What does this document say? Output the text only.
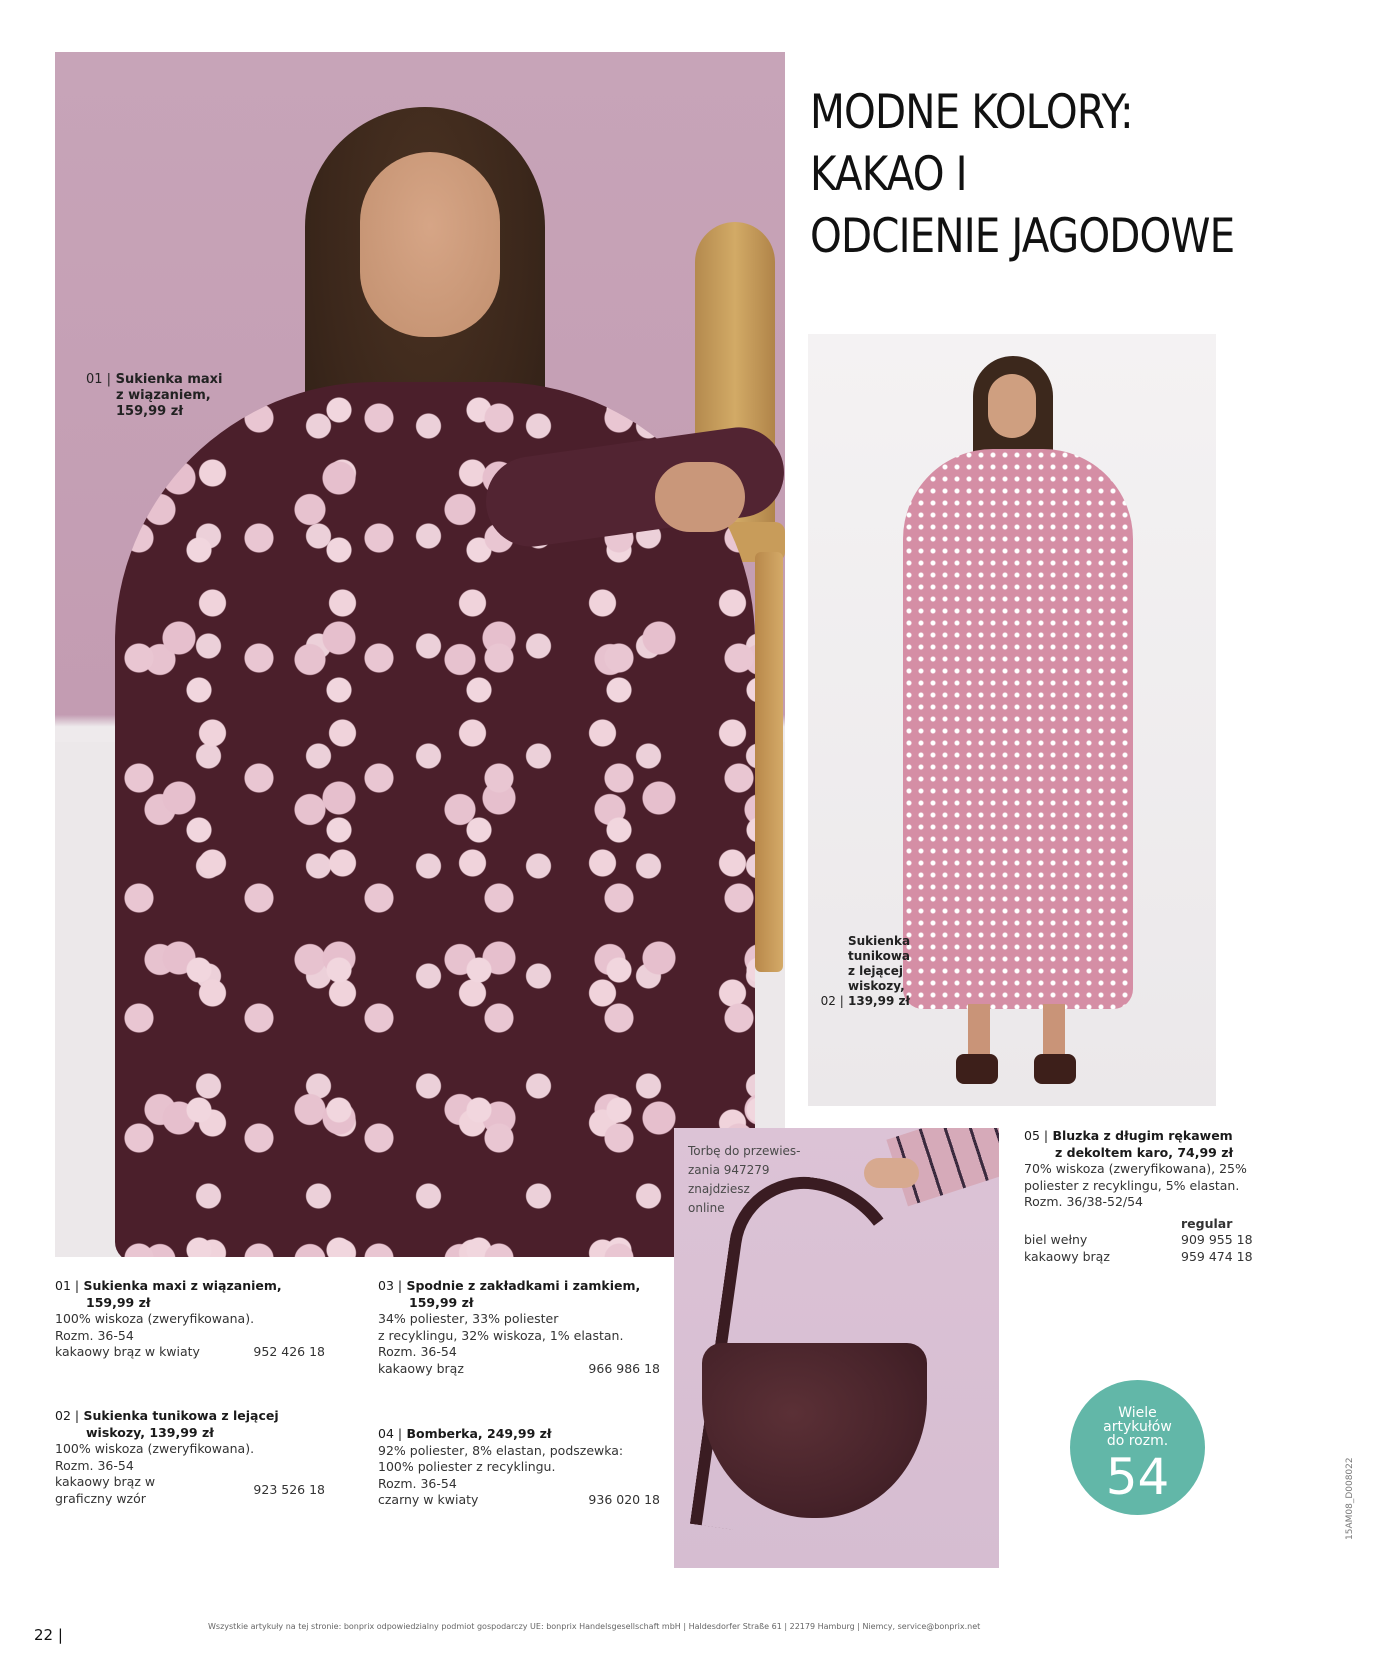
01 | Sukienka maxi
z wiązaniem,
159,99 zł
MODNE KOLORY:
KAKAO I
ODCIENIE JAGODOWE
02 | Sukienka
tunikowa
z lejącej
wiskozy,
139,99 zł
Torbę do przewies-
zania 947279
znajdziesz
online
01 | Sukienka maxi z wiązaniem,
159,99 zł
100% wiskoza (zweryfikowana).
Rozm. 36-54
kakaowy brąz w kwiaty	952 426 18
02 | Sukienka tunikowa z lejącej
wiskozy, 139,99 zł
100% wiskoza (zweryfikowana).
Rozm. 36-54
kakaowy brąz w
graficzny wzór
923 526 18
03 | Spodnie z zakładkami i zamkiem,
159,99 zł
34% poliester, 33% poliester
z recyklingu, 32% wiskoza, 1% elastan.
Rozm. 36-54
kakaowy brąz	966 986 18
04 | Bomberka, 249,99 zł
92% poliester, 8% elastan, podszewka:
100% poliester z recyklingu.
Rozm. 36-54
czarny w kwiaty	936 020 18
05 | Bluzka z długim rękawem
z dekoltem karo, 74,99 zł
70% wiskoza (zweryfikowana), 25%
poliester z recyklingu, 5% elastan.
Rozm. 36/38-52/54
regular
biel wełny	909 955 18
kakaowy brąz	959 474 18
Wiele
artykułów
do rozm.
54
22 |	Wszystkie artykuły na tej stronie: bonprix odpowiedzialny podmiot gospodarczy UE: bonprix Handelsgesellschaft mbH | Haldesdorfer Straße 61 | 22179 Hamburg | Niemcy, service@bonprix.net
15AM08_D008022
